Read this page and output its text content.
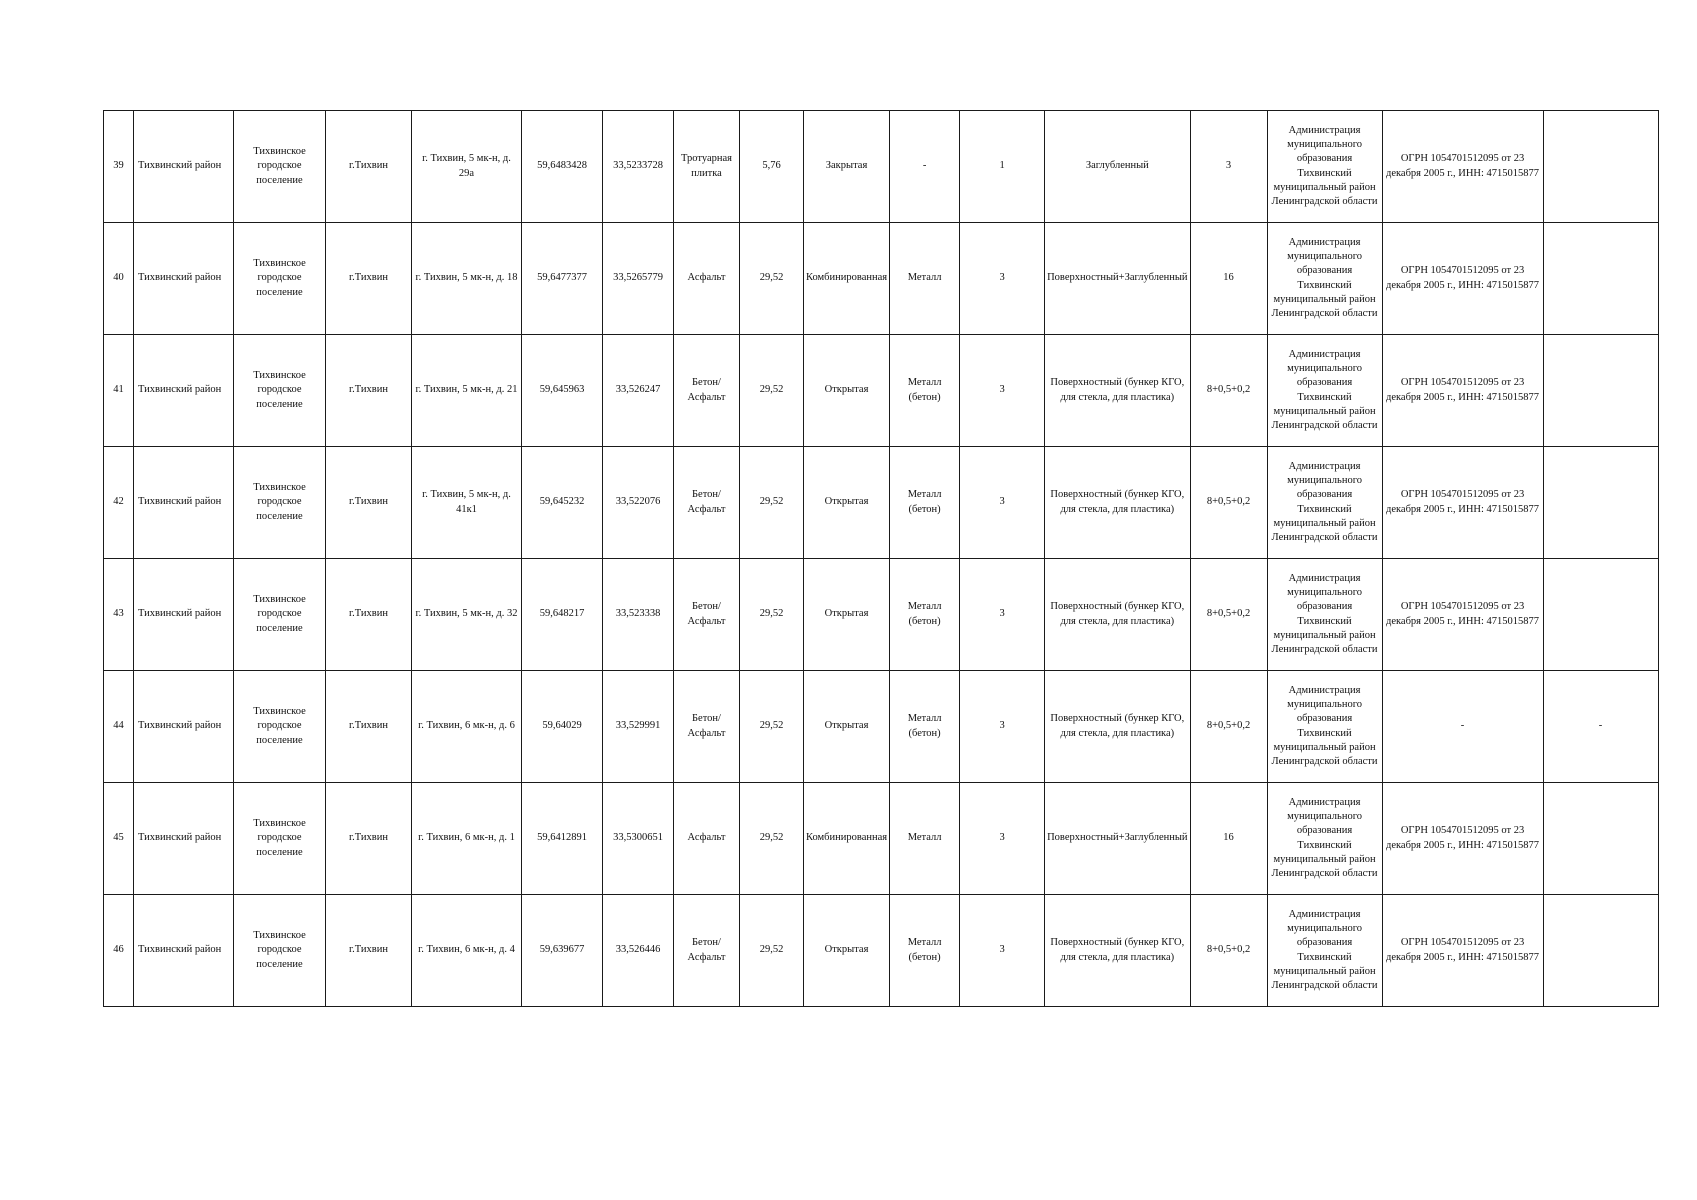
39	Тихвинский район	Тихвинское городское поселение	г.Тихвин	г. Тихвин, 5 мк-н, д. 29а	59,6483428	33,5233728	Тротуарная плитка	5,76	Закрытая	-	1	Заглубленный	3	Администрация муниципального образования Тихвинский муниципальный район Ленинградской области	ОГРН 1054701512095 от 23 декабря 2005 г., ИНН: 4715015877	
40	Тихвинский район	Тихвинское городское поселение	г.Тихвин	г. Тихвин, 5 мк-н, д. 18	59,6477377	33,5265779	Асфальт	29,52	Комбинированная	Металл	3	Поверхностный+Заглубленный	16	Администрация муниципального образования Тихвинский муниципальный район Ленинградской области	ОГРН 1054701512095 от 23 декабря 2005 г., ИНН: 4715015877	
41	Тихвинский район	Тихвинское городское поселение	г.Тихвин	г. Тихвин, 5 мк-н, д. 21	59,645963	33,526247	Бетон/Асфальт	29,52	Открытая	Металл (бетон)	3	Поверхностный (бункер КГО, для стекла, для пластика)	8+0,5+0,2	Администрация муниципального образования Тихвинский муниципальный район Ленинградской области	ОГРН 1054701512095 от 23 декабря 2005 г., ИНН: 4715015877	
42	Тихвинский район	Тихвинское городское поселение	г.Тихвин	г. Тихвин, 5 мк-н, д. 41к1	59,645232	33,522076	Бетон/Асфальт	29,52	Открытая	Металл (бетон)	3	Поверхностный (бункер КГО, для стекла, для пластика)	8+0,5+0,2	Администрация муниципального образования Тихвинский муниципальный район Ленинградской области	ОГРН 1054701512095 от 23 декабря 2005 г., ИНН: 4715015877	
43	Тихвинский район	Тихвинское городское поселение	г.Тихвин	г. Тихвин, 5 мк-н, д. 32	59,648217	33,523338	Бетон/Асфальт	29,52	Открытая	Металл (бетон)	3	Поверхностный (бункер КГО, для стекла, для пластика)	8+0,5+0,2	Администрация муниципального образования Тихвинский муниципальный район Ленинградской области	ОГРН 1054701512095 от 23 декабря 2005 г., ИНН: 4715015877	
44	Тихвинский район	Тихвинское городское поселение	г.Тихвин	г. Тихвин, 6 мк-н, д. 6	59,64029	33,529991	Бетон/Асфальт	29,52	Открытая	Металл (бетон)	3	Поверхностный (бункер КГО, для стекла, для пластика)	8+0,5+0,2	Администрация муниципального образования Тихвинский муниципальный район Ленинградской области	-	-
45	Тихвинский район	Тихвинское городское поселение	г.Тихвин	г. Тихвин, 6 мк-н, д. 1	59,6412891	33,5300651	Асфальт	29,52	Комбинированная	Металл	3	Поверхностный+Заглубленный	16	Администрация муниципального образования Тихвинский муниципальный район Ленинградской области	ОГРН 1054701512095 от 23 декабря 2005 г., ИНН: 4715015877	
46	Тихвинский район	Тихвинское городское поселение	г.Тихвин	г. Тихвин, 6 мк-н, д. 4	59,639677	33,526446	Бетон/Асфальт	29,52	Открытая	Металл (бетон)	3	Поверхностный (бункер КГО, для стекла, для пластика)	8+0,5+0,2	Администрация муниципального образования Тихвинский муниципальный район Ленинградской области	ОГРН 1054701512095 от 23 декабря 2005 г., ИНН: 4715015877	
